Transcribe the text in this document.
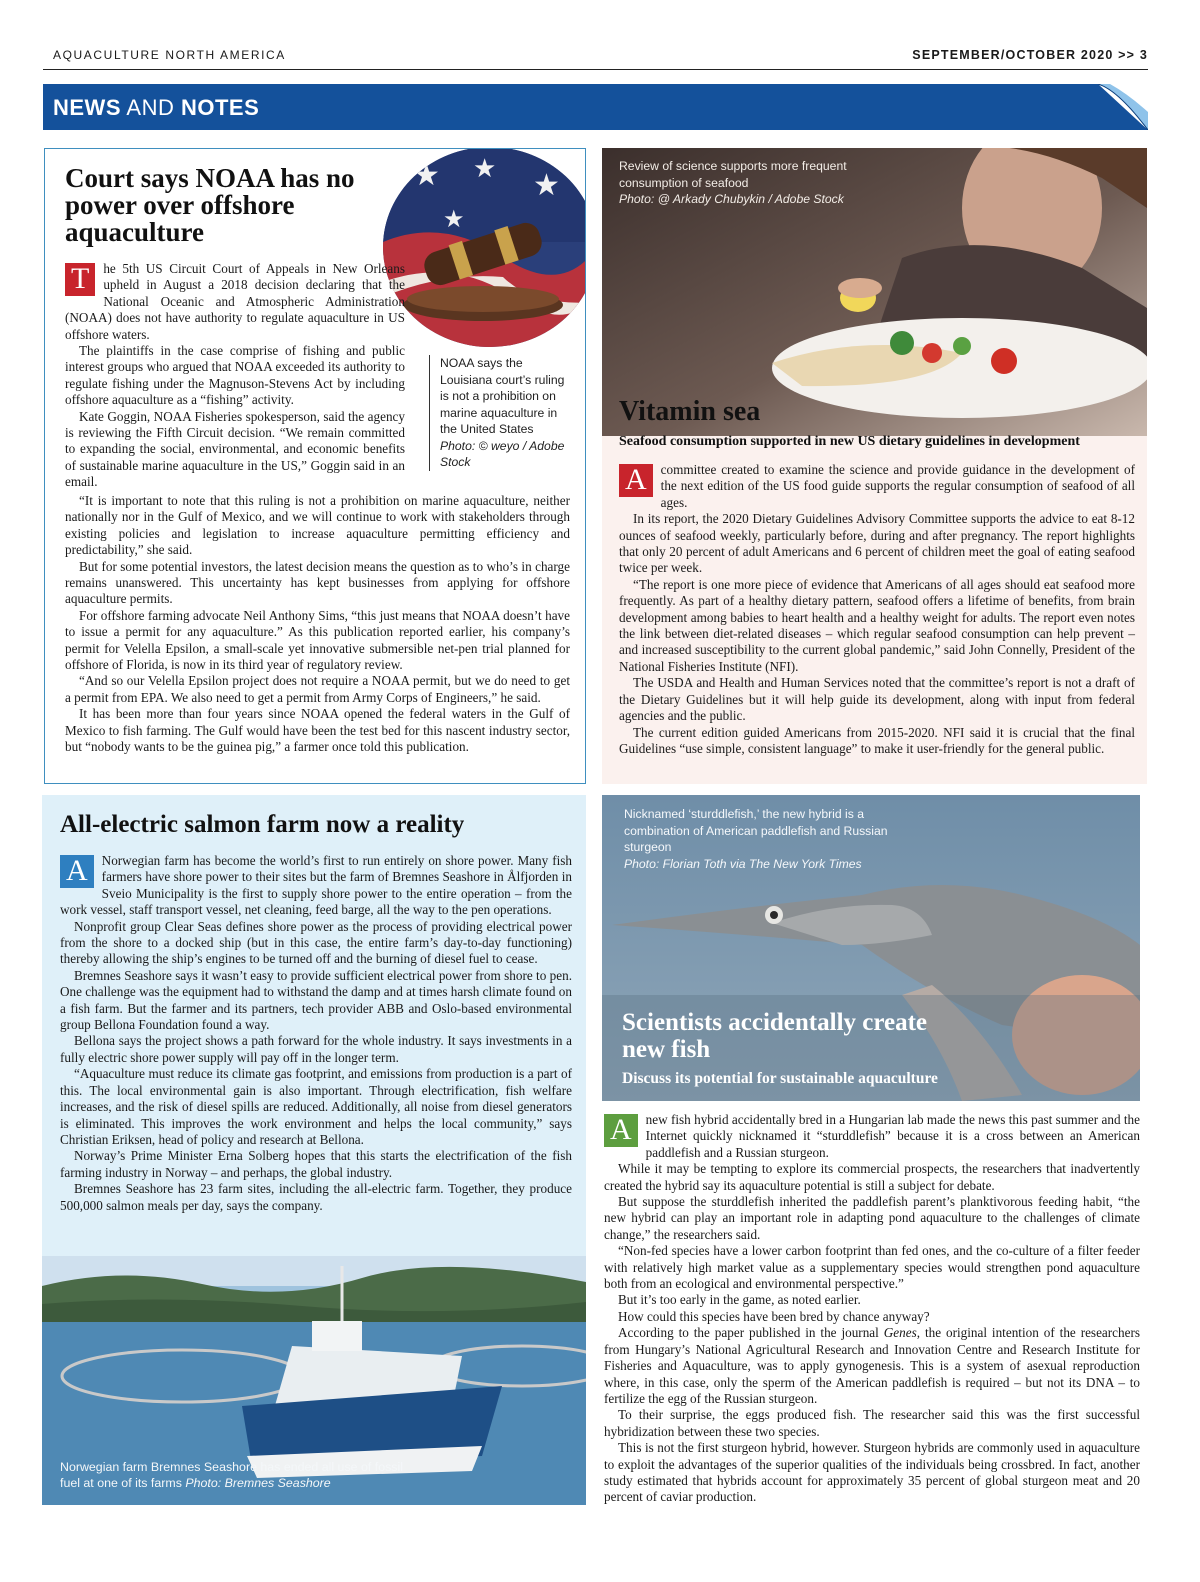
AQUACULTURE NORTH AMERICA	SEPTEMBER/OCTOBER 2020 >> 3
NEWS AND NOTES
Court says NOAA has no power over offshore aquaculture
★ ★
★
★

T	he 5th US Circuit Court of Appeals in New Orleans upheld in August a 2018 decision declaring that the National Oceanic and Atmospheric Administration (NOAA) does not have authority to regulate aquaculture in US offshore waters.

The plaintiffs in the case comprise of fishing and public interest groups who argued that NOAA exceeded its authority to regulate fishing under the Magnuson-Stevens Act by including offshore aquaculture as a “fishing” activity.

Kate Goggin, NOAA Fisheries spokesperson, said the agency is reviewing the Fifth Circuit decision. “We remain committed to expanding the social, environmental, and economic benefits of sustainable marine aquaculture in the US,” Goggin said in an email.

NOAA says the Louisiana court’s ruling is not a prohibition on marine aquaculture in the United States
Photo: © weyo / Adobe Stock

“It is important to note that this ruling is not a prohibition on marine aquaculture, neither nationally nor in the Gulf of Mexico, and we will continue to work with stakeholders through existing policies and legislation to increase aquaculture permitting efficiency and predictability,” she said.

But for some potential investors, the latest decision means the question as to who’s in charge remains unanswered. This uncertainty has kept businesses from applying for offshore aquaculture permits.

For offshore farming advocate Neil Anthony Sims, “this just means that NOAA doesn’t have to issue a permit for any aquaculture.” As this publication reported earlier, his company’s permit for Velella Epsilon, a small-scale yet innovative submersible net-pen trial planned for offshore of Florida, is now in its third year of regulatory review.

“And so our Velella Epsilon project does not require a NOAA permit, but we do need to get a permit from EPA. We also need to get a permit from Army Corps of Engineers,” he said.

It has been more than four years since NOAA opened the federal waters in the Gulf of Mexico to fish farming. The Gulf would have been the test bed for this nascent industry sector, but “nobody wants to be the guinea pig,” a farmer once told this publication.

Review of science supports more frequent consumption of seafood
Photo: @ Arkady Chubykin / Adobe Stock
Vitamin sea
Seafood consumption supported in new US dietary guidelines in development

A	committee created to examine the science and provide guidance in the development of the next edition of the US food guide supports the regular consumption of seafood of all ages.

In its report, the 2020 Dietary Guidelines Advisory Committee supports the advice to eat 8-12 ounces of seafood weekly, particularly before, during and after pregnancy. The report highlights that only 20 percent of adult Americans and 6 percent of children meet the goal of eating seafood twice per week.

“The report is one more piece of evidence that Americans of all ages should eat seafood more frequently. As part of a healthy dietary pattern, seafood offers a lifetime of benefits, from brain development among babies to heart health and a healthy weight for adults. The report even notes the link between diet-related diseases – which regular seafood consumption can help prevent – and increased susceptibility to the current global pandemic,” said John Connelly, President of the National Fisheries Institute (NFI).

The USDA and Health and Human Services noted that the committee’s report is not a draft of the Dietary Guidelines but it will help guide its development, along with input from federal agencies and the public.

The current edition guided Americans from 2015-2020. NFI said it is crucial that the final Guidelines “use simple, consistent language” to make it user-friendly for the general public.

All-electric salmon farm now a reality

A	Norwegian farm has become the world’s first to run entirely on shore power. Many fish farmers have shore power to their sites but the farm of Bremnes Seashore in Ålfjorden in Sveio Municipality is the first to supply shore power to the entire operation – from the work vessel, staff transport vessel, net cleaning, feed barge, all the way to the pen operations.

Nonprofit group Clear Seas defines shore power as the process of providing electrical power from the shore to a docked ship (but in this case, the entire farm’s day-to-day functioning) thereby allowing the ship’s engines to be turned off and the burning of diesel fuel to cease.

Bremnes Seashore says it wasn’t easy to provide sufficient electrical power from shore to pen. One challenge was the equipment had to withstand the damp and at times harsh climate found on a fish farm. But the farmer and its partners, tech provider ABB and Oslo-based environmental group Bellona Foundation found a way.

Bellona says the project shows a path forward for the whole industry. It says investments in a fully electric shore power supply will pay off in the longer term.

“Aquaculture must reduce its climate gas footprint, and emissions from production is a part of this. The local environmental gain is also important. Through electrification, fish welfare increases, and the risk of diesel spills are reduced. Additionally, all noise from diesel generators is eliminated. This improves the work environment and helps the local community,” says Christian Eriksen, head of policy and research at Bellona.

Norway’s Prime Minister Erna Solberg hopes that this starts the electrification of the fish farming industry in Norway – and perhaps, the global industry.

Bremnes Seashore has 23 farm sites, including the all-electric farm. Together, they produce 500,000 salmon meals per day, says the company.

Norwegian farm Bremnes Seashore has ended all use of fossil fuel at one of its farms Photo: Bremnes Seashore
Nicknamed ‘sturddlefish,’ the new hybrid is a combination of American paddlefish and Russian sturgeon
Photo: Florian Toth via The New York Times
Scientists accidentally create new fish
Discuss its potential for sustainable aquaculture

A	new fish hybrid accidentally bred in a Hungarian lab made the news this past summer and the Internet quickly nicknamed it “sturddlefish” because it is a cross between an American paddlefish and a Russian sturgeon.

While it may be tempting to explore its commercial prospects, the researchers that inadvertently created the hybrid say its aquaculture potential is still a subject for debate.

But suppose the sturddlefish inherited the paddlefish parent’s planktivorous feeding habit, “the new hybrid can play an important role in adapting pond aquaculture to the challenges of climate change,” the researchers said.

“Non-fed species have a lower carbon footprint than fed ones, and the co-culture of a filter feeder with relatively high market value as a supplementary species would strengthen pond aquaculture both from an ecological and environmental perspective.”

But it’s too early in the game, as noted earlier.

How could this species have been bred by chance anyway?

According to the paper published in the journal Genes, the original intention of the researchers from Hungary’s National Agricultural Research and Innovation Centre and Research Institute for Fisheries and Aquaculture, was to apply gynogenesis. This is a system of asexual reproduction where, in this case, only the sperm of the American paddlefish is required – but not its DNA – to fertilize the egg of the Russian sturgeon.

To their surprise, the eggs produced fish. The researcher said this was the first successful hybridization between these two species.

This is not the first sturgeon hybrid, however. Sturgeon hybrids are commonly used in aquaculture to exploit the advantages of the superior qualities of the individuals being crossbred. In fact, another study estimated that hybrids account for approximately 35 percent of global sturgeon meat and 20 percent of caviar production.
